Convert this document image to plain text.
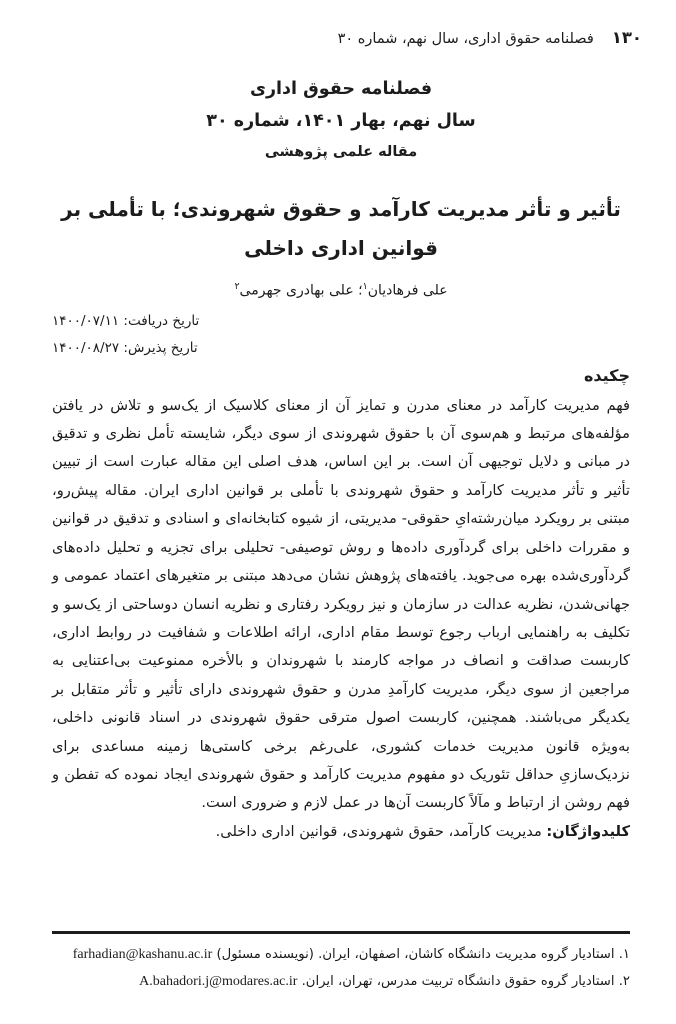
۱۳۰فصلنامه حقوق اداری، سال نهم، شماره ۳۰
فصلنامه حقوق اداری
سال نهم، بهار ۱۴۰۱، شماره ۳۰
مقاله علمی پژوهشی
تأثیر و تأثر مدیریت کارآمد و حقوق شهروندی؛ با تأملی بر قوانین اداری داخلی
علی فرهادیان$^۱$؛ علی بهادری جهرمی$^۲$
تاریخ دریافت: ۱۴۰۰/۰۷/۱۱
تاریخ پذیرش: ۱۴۰۰/۰۸/۲۷
چکیده
فهم مدیریت کارآمد در معنای مدرن و تمایز آن از معنای کلاسیک از یک‌سو و تلاش در یافتن مؤلفه‌های مرتبط و هم‌سوی آن با حقوق شهروندی از سوی دیگر، شایسته تأمل نظری و تدقیق در مبانی و دلایل توجیهی آن است. بر این اساس، هدف اصلی این مقاله عبارت است از تبیین تأثیر و تأثر مدیریت کارآمد و حقوق شهروندی با تأملی بر قوانین اداری ایران. مقاله پیش‌رو، مبتنی بر رویکرد میان‌رشته‌ایِ حقوقی- مدیریتی، از شیوه کتابخانه‌ای و اسنادی و تدقیق در قوانین و مقررات داخلی برای گردآوری داده‌ها و روش توصیفی- تحلیلی برای تجزیه و تحلیل داده‌های گردآوری‌شده بهره می‌جوید. یافته‌های پژوهش نشان می‌دهد مبتنی بر متغیرهای اعتماد عمومی و جهانی‌شدن، نظریه عدالت در سازمان و نیز رویکرد رفتاری و نظریه انسان دوساحتی از یک‌سو و تکلیف به راهنمایی ارباب رجوع توسط مقام اداری، ارائه اطلاعات و شفافیت در روابط اداری، کاربست صداقت و انصاف در مواجه کارمند با شهروندان و بالأخره ممنوعیت بی‌اعتنایی به مراجعین از سوی دیگر، مدیریت کارآمدِ مدرن و حقوق شهروندی دارای تأثیر و تأثر متقابل بر یکدیگر می‌باشند. همچنین، کاربست اصول مترقی حقوق شهروندی در اسناد قانونی داخلی، به‌ویژه قانون مدیریت خدمات کشوری، علی‌رغم برخی کاستی‌ها زمینه مساعدی برای نزدیک‌سازیِ حداقل تئوریک دو مفهوم مدیریت کارآمد و حقوق شهروندی ایجاد نموده که تفطن و فهم روشن از ارتباط و مآلاً کاربست آن‌ها در عمل لازم و ضروری است.
کلیدواژگان: مدیریت کارآمد، حقوق شهروندی، قوانین اداری داخلی.
۱. استادیار گروه مدیریت دانشگاه کاشان، اصفهان، ایران. (نویسنده مسئول) farhadian@kashanu.ac.ir
۲. استادیار گروه حقوق دانشگاه تربیت مدرس، تهران، ایران. A.bahadori.j@modares.ac.ir
